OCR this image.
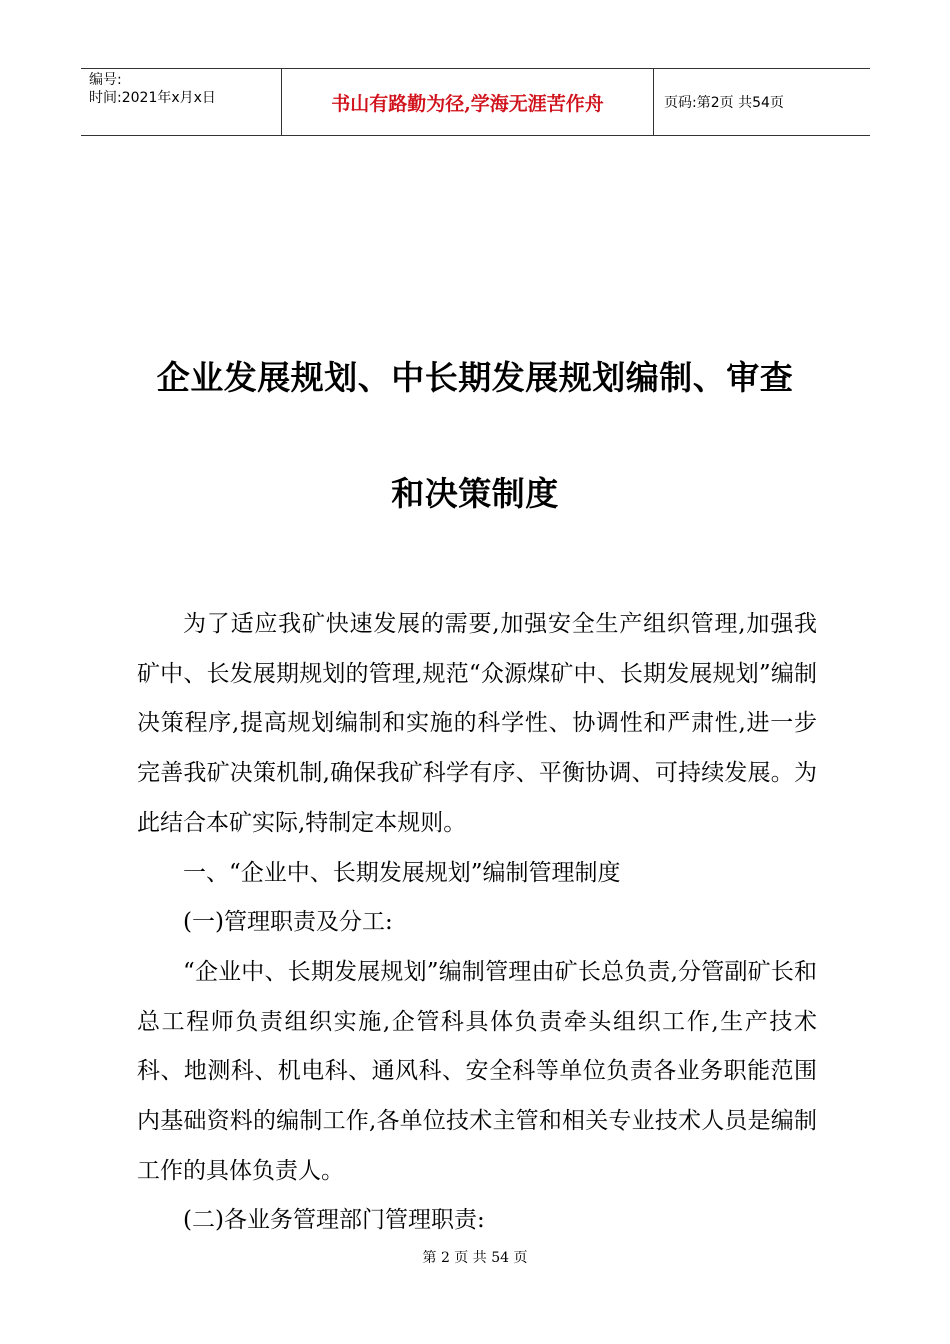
编号:
时间:2021年x月x日	书山有路勤为径,学海无涯苦作舟	页码:第2页 共54页
企业发展规划、中长期发展规划编制、审查
和决策制度

为了适应我矿快速发展的需要,加强安全生产组织管理,加强我矿中、长发展期规划的管理,规范“众源煤矿中、长期发展规划”编制决策程序,提高规划编制和实施的科学性、协调性和严肃性,进一步完善我矿决策机制,确保我矿科学有序、平衡协调、可持续发展。为此结合本矿实际,特制定本规则。

一、“企业中、长期发展规划”编制管理制度

(一)管理职责及分工:

“企业中、长期发展规划”编制管理由矿长总负责,分管副矿长和总工程师负责组织实施,企管科具体负责牵头组织工作,生产技术科、地测科、机电科、通风科、安全科等单位负责各业务职能范围内基础资料的编制工作,各单位技术主管和相关专业技术人员是编制工作的具体负责人。

(二)各业务管理部门管理职责:

第 2 页 共 54 页
